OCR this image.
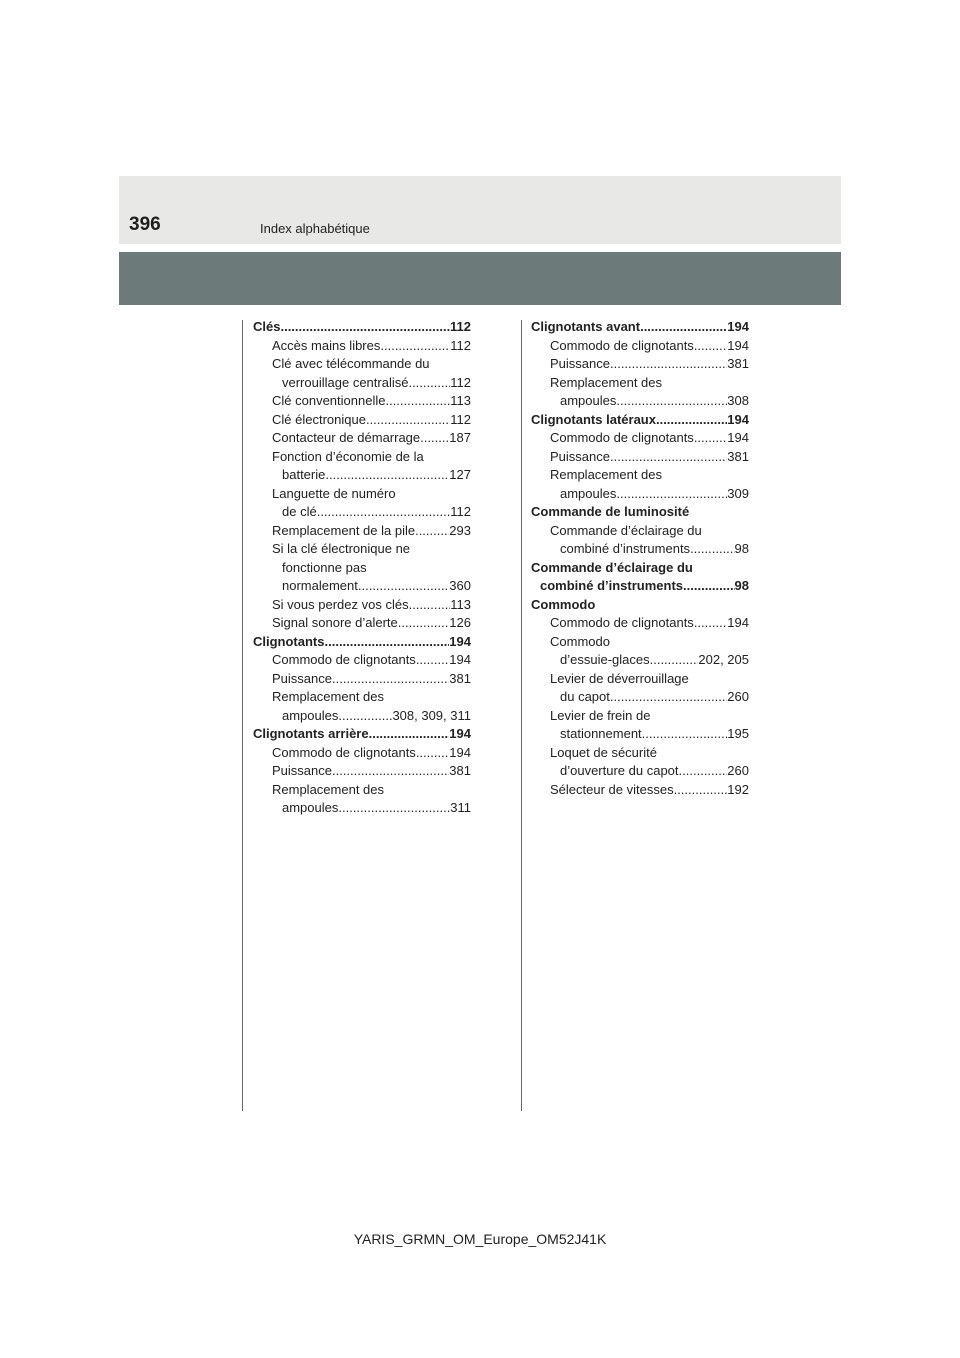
396	Index alphabétique
Clés .....	112
Accès mains libres .....	112
Clé avec télécommande du
verrouillage centralisé .....	112
Clé conventionnelle .....	113
Clé électronique .....	112
Contacteur de démarrage ..... 187
Fonction d’économie de la
batterie .....	127
Languette de numéro
de clé .....	112
Remplacement de la pile .....	293
Si la clé électronique ne
fonctionne pas
normalement .....	360
Si vous perdez vos clés .....	113
Signal sonore d’alerte .....	126
Clignotants .....	194
Commodo de clignotants .....	194
Puissance .....	381
Remplacement des
ampoules .....	308, 309, 311
Clignotants arrière .....	194
Commodo de clignotants .....	194
Puissance .....	381
Remplacement des
ampoules .....	311
Clignotants avant .....	194
Commodo de clignotants .....	194
Puissance .....	381
Remplacement des
ampoules .....	308
Clignotants latéraux .....	194
Commodo de clignotants .....	194
Puissance .....	381
Remplacement des
ampoules .....	309
Commande de luminosité
Commande d’éclairage du
combiné d’instruments .....	98
Commande d’éclairage du
combiné d’instruments .....	98
Commodo
Commodo de clignotants .....	194
Commodo
d’essuie-glaces .....	202, 205
Levier de déverrouillage
du capot .....	260
Levier de frein de
stationnement .....	195
Loquet de sécurité
d’ouverture du capot .....	260
Sélecteur de vitesses .....	192
YARIS_GRMN_OM_Europe_OM52J41K
